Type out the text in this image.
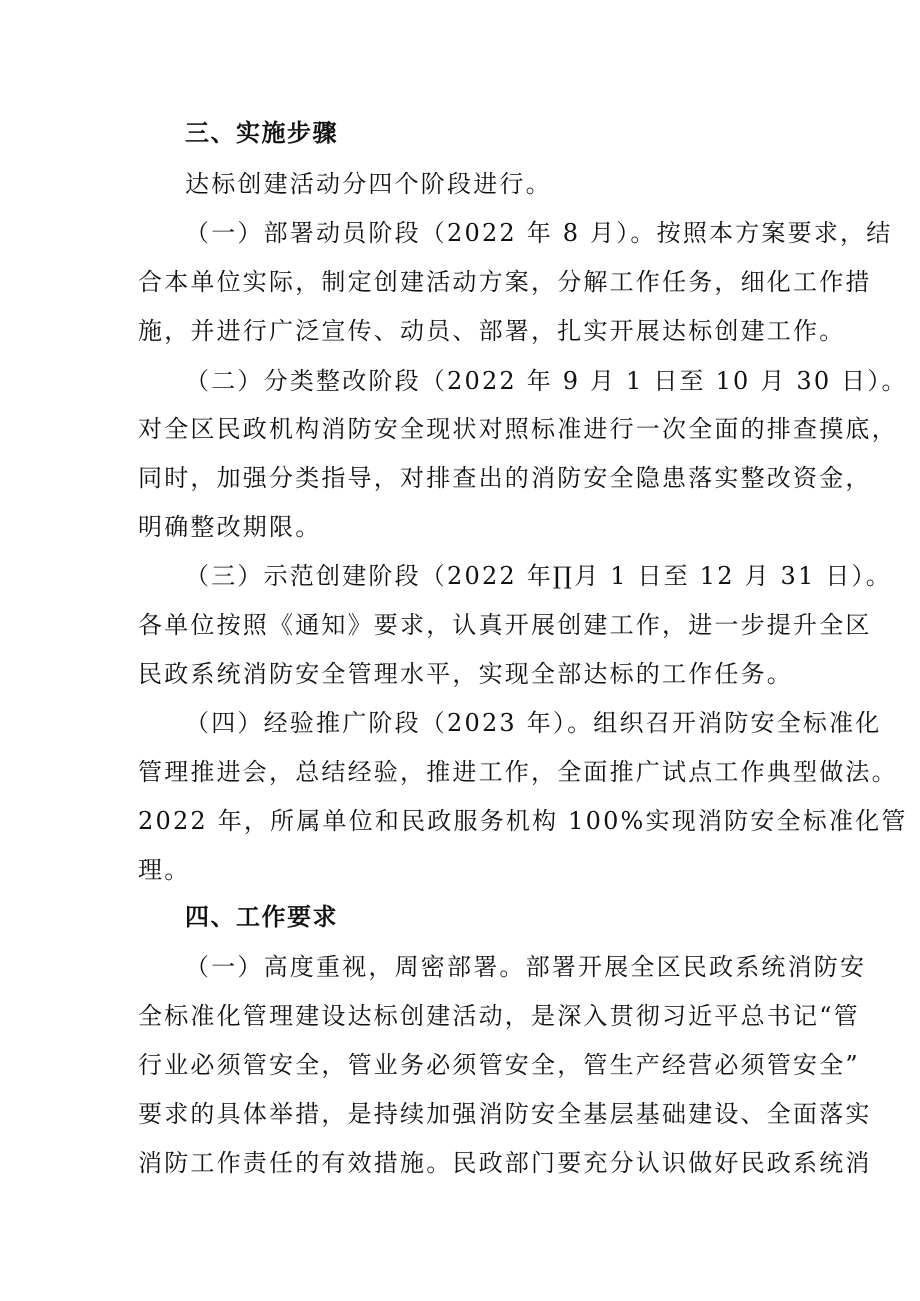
三、实施步骤
达标创建活动分四个阶段进行。
（一）部署动员阶段（2022 年 8 月）。按照本方案要求，结
合本单位实际，制定创建活动方案，分解工作任务，细化工作措
施，并进行广泛宣传、动员、部署，扎实开展达标创建工作。
（二）分类整改阶段（2022 年 9 月 1 日至 10 月 30 日）。
对全区民政机构消防安全现状对照标准进行一次全面的排查摸底，
同时，加强分类指导，对排查出的消防安全隐患落实整改资金，
明确整改期限。
（三）示范创建阶段（2022 年∏月 1 日至 12 月 31 日）。
各单位按照《通知》要求，认真开展创建工作，进一步提升全区
民政系统消防安全管理水平，实现全部达标的工作任务。
（四）经验推广阶段（2023 年）。组织召开消防安全标准化
管理推进会，总结经验，推进工作，全面推广试点工作典型做法。
2022 年，所属单位和民政服务机构 100%实现消防安全标准化管
理。
四、工作要求
（一）高度重视，周密部署。部署开展全区民政系统消防安
全标准化管理建设达标创建活动，是深入贯彻习近平总书记“管
行业必须管安全，管业务必须管安全，管生产经营必须管安全”
要求的具体举措，是持续加强消防安全基层基础建设、全面落实
消防工作责任的有效措施。民政部门要充分认识做好民政系统消
